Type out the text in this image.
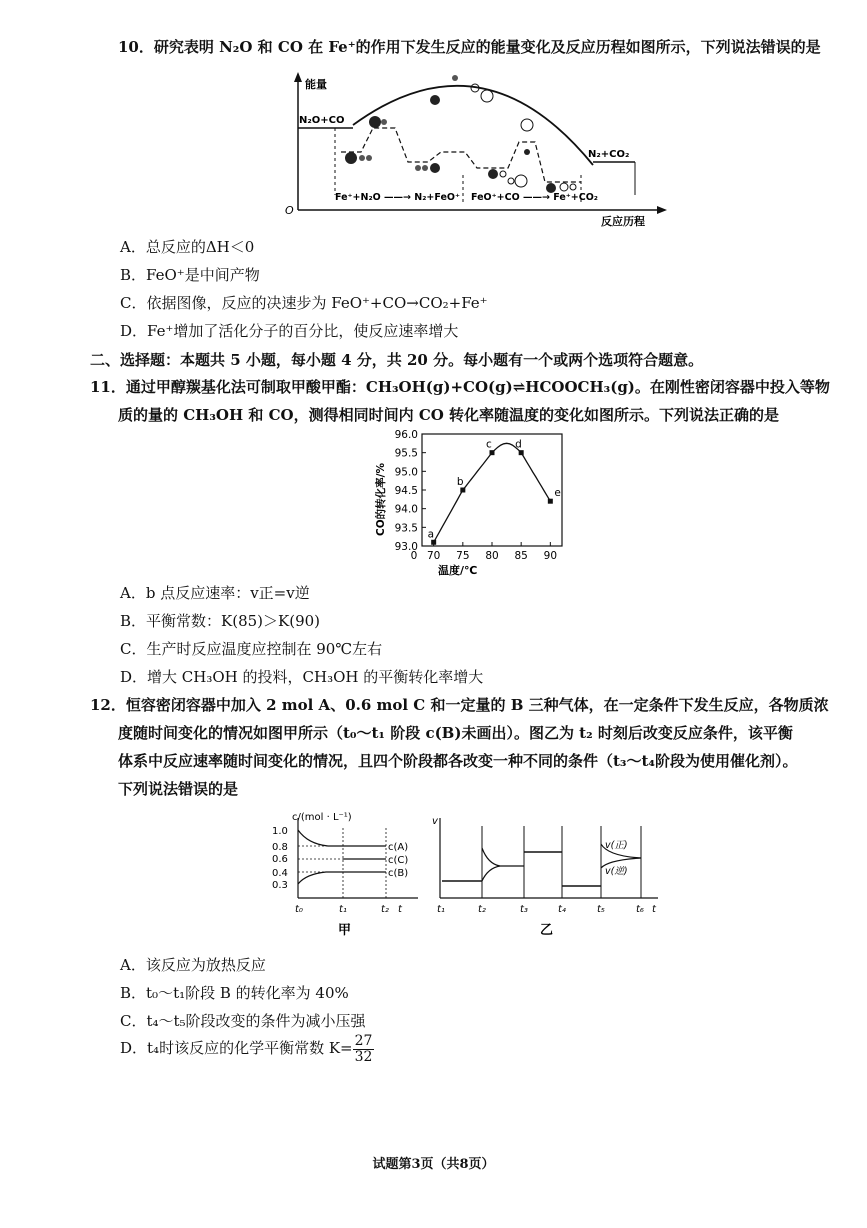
10．研究表明 N₂O 和 CO 在 Fe⁺的作用下发生反应的能量变化及反应历程如图所示，下列说法错误的是
能量
O
反应历程
N₂O+CO
N₂+CO₂
Fe⁺+N₂O ——→ N₂+FeO⁺ FeO⁺+CO ——→ Fe⁺+CO₂
A．总反应的ΔH＜0
B．FeO⁺是中间产物
C．依据图像，反应的决速步为 FeO⁺+CO→CO₂+Fe⁺
D．Fe⁺增加了活化分子的百分比，使反应速率增大
二、选择题：本题共 5 小题，每小题 4 分，共 20 分。每小题有一个或两个选项符合题意。
11．通过甲醇羰基化法可制取甲酸甲酯：CH₃OH(g)+CO(g)⇌HCOOCH₃(g)。在刚性密闭容器中投入等物
质的量的 CH₃OH 和 CO，测得相同时间内 CO 转化率随温度的变化如图所示。下列说法正确的是
93.0
93.5
94.0
94.5
95.0
95.5
96.0
0 70 75 80 85 90
a
b
c d
e
温度/℃
CO的转化率/%
A．b 点反应速率：v正=v逆
B．平衡常数：K(85)＞K(90)
C．生产时反应温度应控制在 90℃左右
D．增大 CH₃OH 的投料，CH₃OH 的平衡转化率增大
12．恒容密闭容器中加入 2 mol A、0.6 mol C 和一定量的 B 三种气体，在一定条件下发生反应，各物质浓
度随时间变化的情况如图甲所示（t₀～t₁ 阶段 c(B)未画出）。图乙为 t₂ 时刻后改变反应条件，该平衡
体系中反应速率随时间变化的情况，且四个阶段都各改变一种不同的条件（t₃～t₄阶段为使用催化剂）。
下列说法错误的是
c/(mol · L⁻¹)
1.0
0.8
0.6
0.4
0.3
c(A)
c(C)
c(B)
t₀	t₁	t₂ t
甲
v
v(正)
v(逆)
t₁	t₂	t₃	t₄	t₅	t₆ t
乙
A．该反应为放热反应
B．t₀～t₁阶段 B 的转化率为 40%
C．t₄～t₅阶段改变的条件为减小压强
D．t₄时该反应的化学平衡常数 $K= \frac{27}{32}$
试题第3页（共8页）
